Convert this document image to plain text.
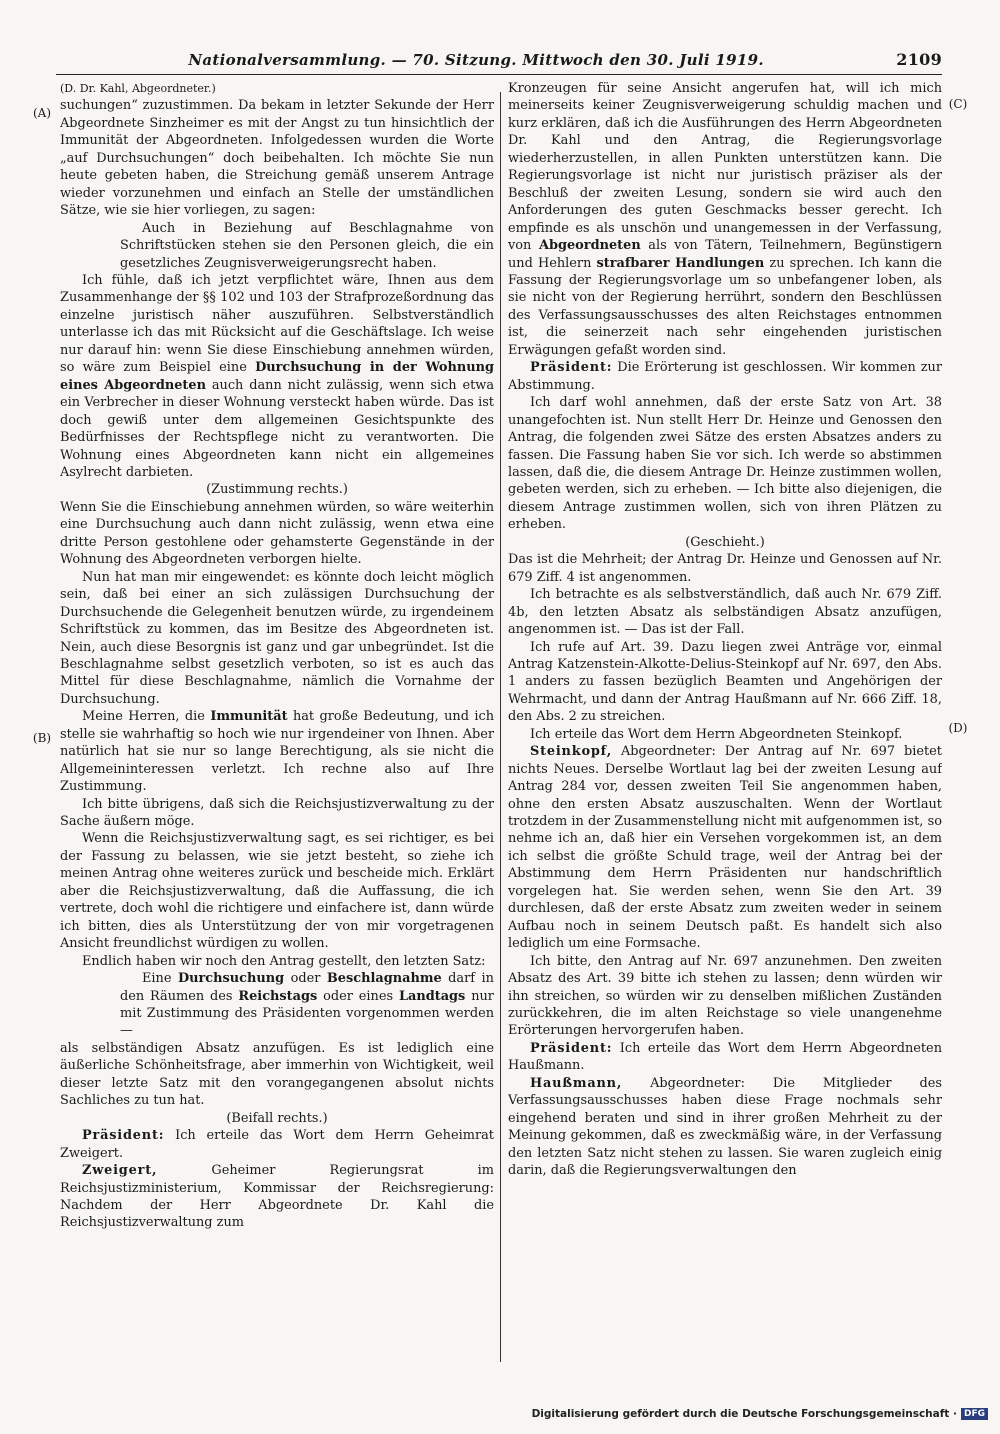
Nationalversammlung. — 70. Sitzung. Mittwoch den 30. Juli 1919.	2109
(A)
(B)
(C)
(D)

(D. Dr. Kahl, Abgeordneter.)

suchungen“ zuzustimmen. Da bekam in letzter Sekunde der Herr Abgeordnete Sinzheimer es mit der Angst zu tun hinsichtlich der Immunität der Abgeordneten. Infolgedessen wurden die Worte „auf Durchsuchungen“ doch beibehalten. Ich möchte Sie nun heute gebeten haben, die Streichung gemäß unserem Antrage wieder vorzunehmen und einfach an Stelle der umständlichen Sätze, wie sie hier vorliegen, zu sagen:

Auch in Beziehung auf Beschlagnahme von Schriftstücken stehen sie den Personen gleich, die ein gesetzliches Zeugnisverweigerungsrecht haben.

Ich fühle, daß ich jetzt verpflichtet wäre, Ihnen aus dem Zusammenhange der §§ 102 und 103 der Strafprozeßordnung das einzelne juristisch näher auszuführen. Selbstverständlich unterlasse ich das mit Rücksicht auf die Geschäftslage. Ich weise nur darauf hin: wenn Sie diese Einschiebung annehmen würden, so wäre zum Beispiel eine Durchsuchung in der Wohnung eines Abgeordneten auch dann nicht zulässig, wenn sich etwa ein Verbrecher in dieser Wohnung versteckt haben würde. Das ist doch gewiß unter dem allgemeinen Gesichtspunkte des Bedürfnisses der Rechtspflege nicht zu verantworten. Die Wohnung eines Abgeordneten kann nicht ein allgemeines Asylrecht darbieten.

(Zustimmung rechts.)

Wenn Sie die Einschiebung annehmen würden, so wäre weiterhin eine Durchsuchung auch dann nicht zulässig, wenn etwa eine dritte Person gestohlene oder gehamsterte Gegenstände in der Wohnung des Abgeordneten verborgen hielte.

Nun hat man mir eingewendet: es könnte doch leicht möglich sein, daß bei einer an sich zulässigen Durchsuchung der Durchsuchende die Gelegenheit benutzen würde, zu irgendeinem Schriftstück zu kommen, das im Besitze des Abgeordneten ist. Nein, auch diese Besorgnis ist ganz und gar unbegründet. Ist die Beschlagnahme selbst gesetzlich verboten, so ist es auch das Mittel für diese Beschlagnahme, nämlich die Vornahme der Durchsuchung.

Meine Herren, die Immunität hat große Bedeutung, und ich stelle sie wahrhaftig so hoch wie nur irgendeiner von Ihnen. Aber natürlich hat sie nur so lange Berechtigung, als sie nicht die Allgemeininteressen verletzt. Ich rechne also auf Ihre Zustimmung.

Ich bitte übrigens, daß sich die Reichsjustizverwaltung zu der Sache äußern möge.

Wenn die Reichsjustizverwaltung sagt, es sei richtiger, es bei der Fassung zu belassen, wie sie jetzt besteht, so ziehe ich meinen Antrag ohne weiteres zurück und bescheide mich. Erklärt aber die Reichsjustizverwaltung, daß die Auffassung, die ich vertrete, doch wohl die richtigere und einfachere ist, dann würde ich bitten, dies als Unterstützung der von mir vorgetragenen Ansicht freundlichst würdigen zu wollen.

Endlich haben wir noch den Antrag gestellt, den letzten Satz:

Eine Durchsuchung oder Beschlagnahme darf in den Räumen des Reichstags oder eines Landtags nur mit Zustimmung des Präsidenten vorgenommen werden —

als selbständigen Absatz anzufügen. Es ist lediglich eine äußerliche Schönheitsfrage, aber immerhin von Wichtigkeit, weil dieser letzte Satz mit den vorangegangenen absolut nichts Sachliches zu tun hat.

(Beifall rechts.)

Präsident: Ich erteile das Wort dem Herrn Geheimrat Zweigert.

Zweigert,	Geheimer Regierungsrat im Reichsjustizministerium, Kommissar der Reichsregierung: Nachdem der Herr Abgeordnete Dr. Kahl die Reichsjustizverwaltung zum

Kronzeugen für seine Ansicht angerufen hat, will ich mich meinerseits keiner Zeugnisverweigerung schuldig machen und kurz erklären, daß ich die Ausführungen des Herrn Abgeordneten Dr. Kahl und den Antrag, die Regierungsvorlage wiederherzustellen, in allen Punkten unterstützen kann. Die Regierungsvorlage ist nicht nur juristisch präziser als der Beschluß der zweiten Lesung, sondern sie wird auch den Anforderungen des guten Geschmacks besser gerecht. Ich empfinde es als unschön und unangemessen in der Verfassung, von Abgeordneten als von Tätern, Teilnehmern, Begünstigern und Hehlern strafbarer Handlungen zu sprechen. Ich kann die Fassung der Regierungsvorlage um so unbefangener loben, als sie nicht von der Regierung herrührt, sondern den Beschlüssen des Verfassungsausschusses des alten Reichstages entnommen ist, die seinerzeit nach sehr eingehenden juristischen Erwägungen gefaßt worden sind.

Präsident: Die Erörterung ist geschlossen. Wir kommen zur Abstimmung.

Ich darf wohl annehmen, daß der erste Satz von Art. 38 unangefochten ist. Nun stellt Herr Dr. Heinze und Genossen den Antrag, die folgenden zwei Sätze des ersten Absatzes anders zu fassen. Die Fassung haben Sie vor sich. Ich werde so abstimmen lassen, daß die, die diesem Antrage Dr. Heinze zustimmen wollen, gebeten werden, sich zu erheben. — Ich bitte also diejenigen, die diesem Antrage zustimmen wollen, sich von ihren Plätzen zu erheben.

(Geschieht.)

Das ist die Mehrheit; der Antrag Dr. Heinze und Genossen auf Nr. 679 Ziff. 4 ist angenommen.

Ich betrachte es als selbstverständlich, daß auch Nr. 679 Ziff. 4b, den letzten Absatz als selbständigen Absatz anzufügen, angenommen ist. — Das ist der Fall.

Ich rufe auf Art. 39. Dazu liegen zwei Anträge vor, einmal Antrag Katzenstein-Alkotte-Delius-Steinkopf auf Nr. 697, den Abs. 1 anders zu fassen bezüglich Beamten und Angehörigen der Wehrmacht, und dann der Antrag Haußmann auf Nr. 666 Ziff. 18, den Abs. 2 zu streichen.

Ich erteile das Wort dem Herrn Abgeordneten Steinkopf.

Steinkopf, Abgeordneter: Der Antrag auf Nr. 697 bietet nichts Neues. Derselbe Wortlaut lag bei der zweiten Lesung auf Antrag 284 vor, dessen zweiten Teil Sie angenommen haben, ohne den ersten Absatz auszuschalten. Wenn der Wortlaut trotzdem in der Zusammenstellung nicht mit aufgenommen ist, so nehme ich an, daß hier ein Versehen vorgekommen ist, an dem ich selbst die größte Schuld trage, weil der Antrag bei der Abstimmung dem Herrn Präsidenten nur handschriftlich vorgelegen hat. Sie werden sehen, wenn Sie den Art. 39 durchlesen, daß der erste Absatz zum zweiten weder in seinem Aufbau noch in seinem Deutsch paßt. Es handelt sich also lediglich um eine Formsache.

Ich bitte, den Antrag auf Nr. 697 anzunehmen. Den zweiten Absatz des Art. 39 bitte ich stehen zu lassen; denn würden wir ihn streichen, so würden wir zu denselben mißlichen Zuständen zurückkehren, die im alten Reichstage so viele unangenehme Erörterungen hervorgerufen haben.

Präsident: Ich erteile das Wort dem Herrn Abgeordneten Haußmann.

Haußmann, Abgeordneter: Die Mitglieder des Verfassungsausschusses haben diese Frage nochmals sehr eingehend beraten und sind in ihrer großen Mehrheit zu der Meinung gekommen, daß es zweckmäßig wäre, in der Verfassung den letzten Satz nicht stehen zu lassen. Sie waren zugleich einig darin, daß die Regierungsverwaltungen den

Digitalisierung gefördert durch die Deutsche Forschungsgemeinschaft · DFG
